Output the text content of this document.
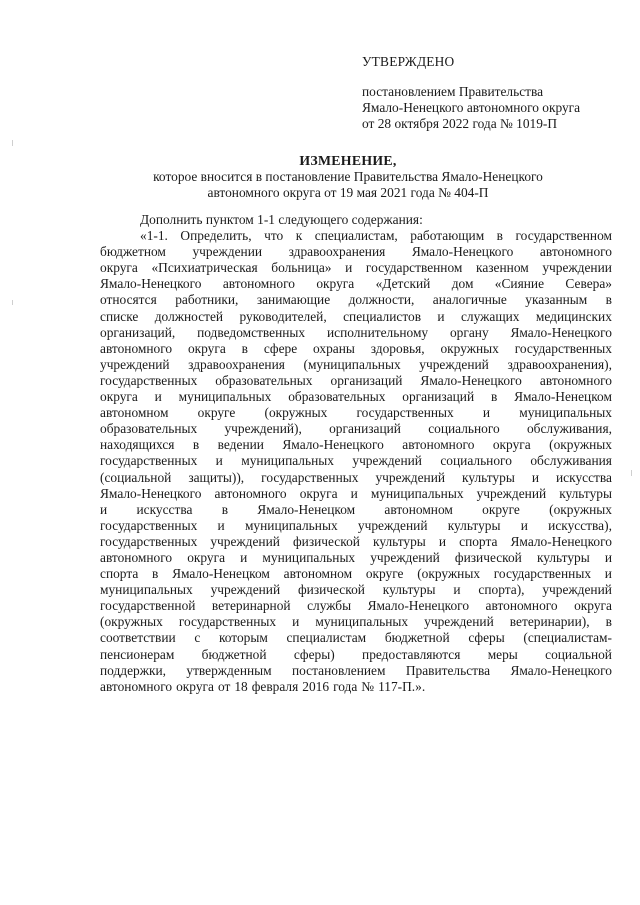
УТВЕРЖДЕНО
постановлением Правительства
Ямало-Ненецкого автономного округа
от 28 октября 2022 года № 1019-П
ИЗМЕНЕНИЕ,
которое вносится в постановление Правительства Ямало-Ненецкого
автономного округа от 19 мая 2021 года № 404-П
Дополнить пунктом 1-1 следующего содержания:
«1-1. Определить, что к специалистам, работающим в государственном
бюджетном учреждении здравоохранения Ямало-Ненецкого автономного
округа «Психиатрическая больница» и государственном казенном учреждении
Ямало-Ненецкого автономного округа «Детский дом «Сияние Севера»
относятся работники, занимающие должности, аналогичные указанным в
списке должностей руководителей, специалистов и служащих медицинских
организаций, подведомственных исполнительному органу Ямало-Ненецкого
автономного округа в сфере охраны здоровья, окружных государственных
учреждений здравоохранения (муниципальных учреждений здравоохранения),
государственных образовательных организаций Ямало-Ненецкого автономного
округа и муниципальных образовательных организаций в Ямало-Ненецком
автономном округе (окружных государственных и муниципальных
образовательных учреждений), организаций социального обслуживания,
находящихся в ведении Ямало-Ненецкого автономного округа (окружных
государственных и муниципальных учреждений социального обслуживания
(социальной защиты)), государственных учреждений культуры и искусства
Ямало-Ненецкого автономного округа и муниципальных учреждений культуры
и искусства в Ямало-Ненецком автономном округе (окружных
государственных и муниципальных учреждений культуры и искусства),
государственных учреждений физической культуры и спорта Ямало-Ненецкого
автономного округа и муниципальных учреждений физической культуры и
спорта в Ямало-Ненецком автономном округе (окружных государственных и
муниципальных учреждений физической культуры и спорта), учреждений
государственной ветеринарной службы Ямало-Ненецкого автономного округа
(окружных государственных и муниципальных учреждений ветеринарии), в
соответствии с которым специалистам бюджетной сферы (специалистам-
пенсионерам бюджетной сферы) предоставляются меры социальной
поддержки, утвержденным постановлением Правительства Ямало-Ненецкого
автономного округа от 18 февраля 2016 года № 117-П.».
